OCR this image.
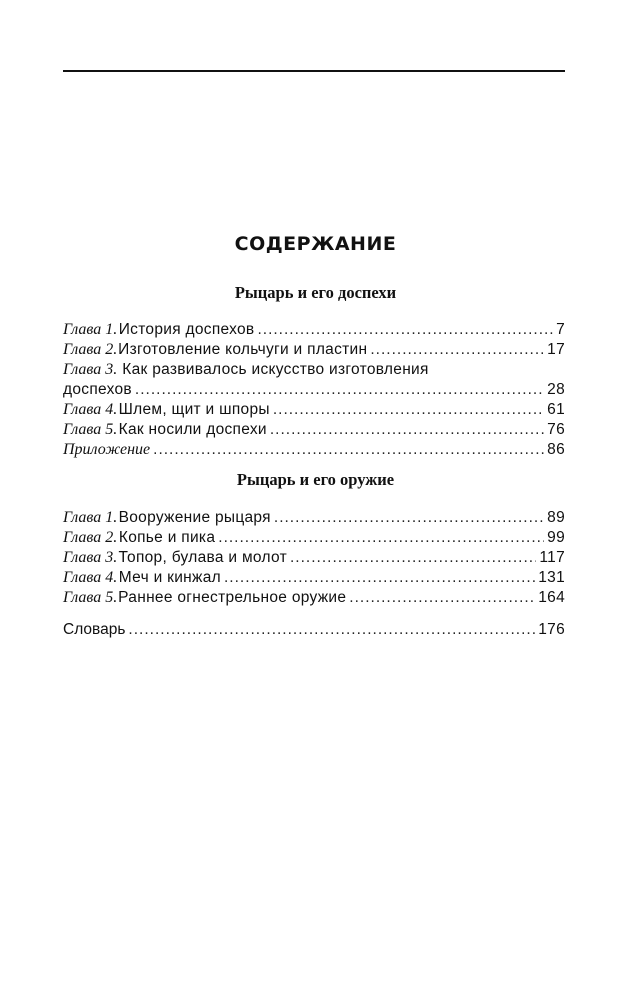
СОДЕРЖАНИЕ
Рыцарь и его доспехи
Глава 1. История доспехов .....	7
Глава 2. Изготовление кольчуги и пластин .....	17
Глава 3. Как развивалось искусство изготовления
доспехов .....	28
Глава 4. Шлем, щит и шпоры .....	61
Глава 5. Как носили доспехи .....	76
Приложение .....	86
Рыцарь и его оружие
Глава 1. Вооружение рыцаря .....	89
Глава 2. Копье и пика .....	99
Глава 3. Топор, булава и молот .....	117
Глава 4. Меч и кинжал .....	131
Глава 5. Раннее огнестрельное оружие .....	164
Словарь .....	176
